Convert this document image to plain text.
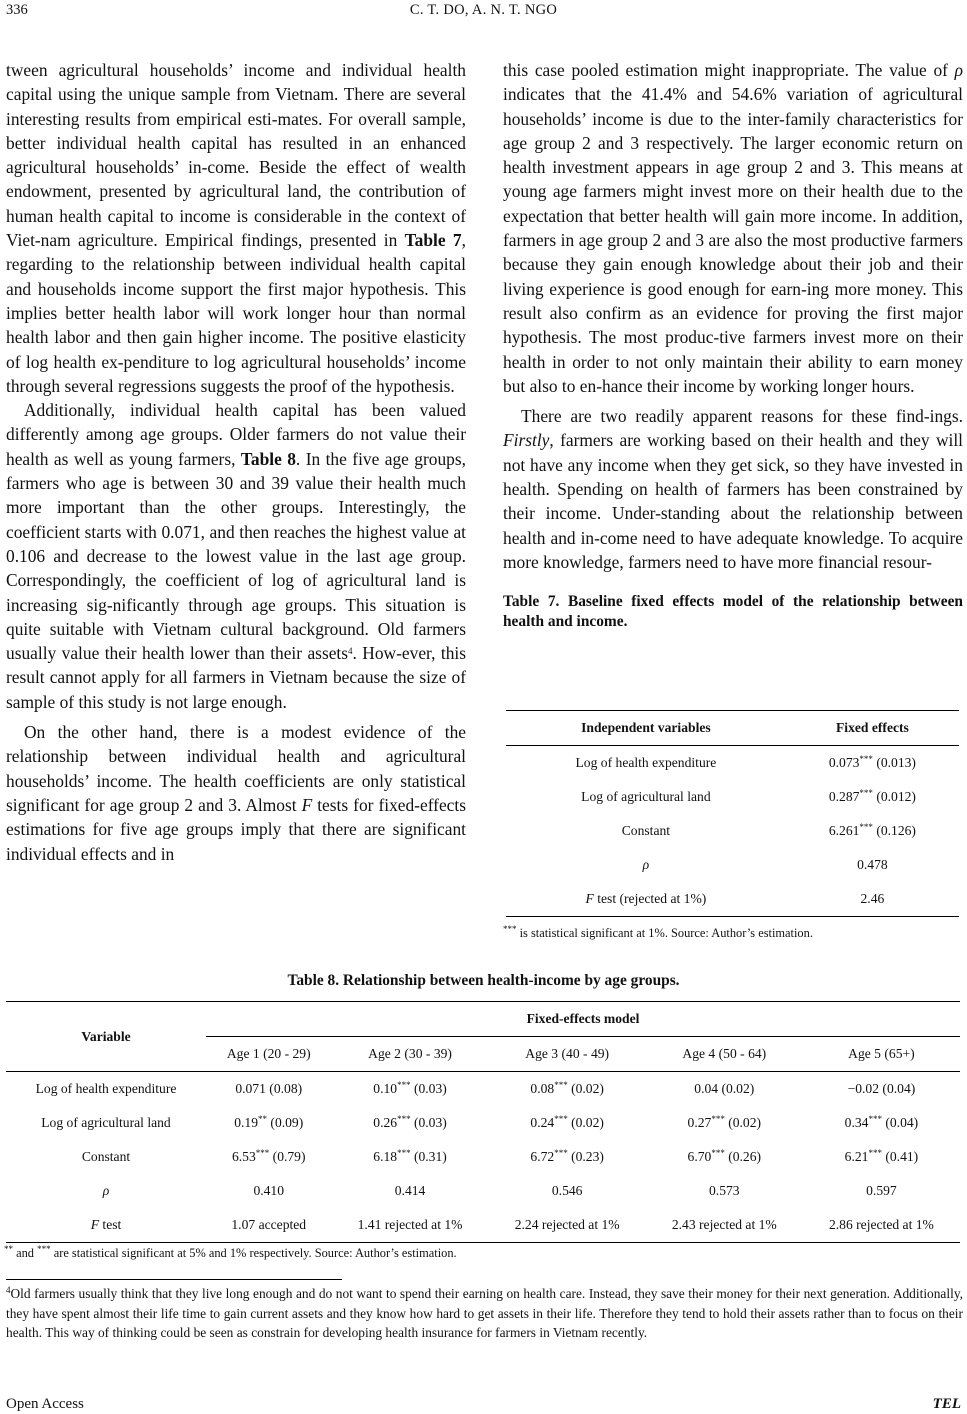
336	C. T. DO, A. N. T. NGO

tween agricultural households’ income and individual health capital using the unique sample from Vietnam. There are several interesting results from empirical esti-mates. For overall sample, better individual health capital has resulted in an enhanced agricultural households’ in-come. Beside the effect of wealth endowment, presented by agricultural land, the contribution of human health capital to income is considerable in the context of Viet-nam agriculture. Empirical findings, presented in Table 7, regarding to the relationship between individual health capital and households income support the first major hypothesis. This implies better health labor will work longer hour than normal health labor and then gain higher income. The positive elasticity of log health ex-penditure to log agricultural households’ income through several regressions suggests the proof of the hypothesis.

Additionally, individual health capital has been valued differently among age groups. Older farmers do not value their health as well as young farmers, Table 8. In the five age groups, farmers who age is between 30 and 39 value their health much more important than the other groups. Interestingly, the coefficient starts with 0.071, and then reaches the highest value at 0.106 and decrease to the lowest value in the last age group. Correspondingly, the coefficient of log of agricultural land is increasing sig-nificantly through age groups. This situation is quite suitable with Vietnam cultural background. Old farmers usually value their health lower than their assets$^4$. How-ever, this result cannot apply for all farmers in Vietnam because the size of sample of this study is not large enough.

On the other hand, there is a modest evidence of the relationship between individual health and agricultural households’ income. The health coefficients are only statistical significant for age group 2 and 3. Almost F tests for fixed-effects estimations for five age groups imply that there are significant individual effects and in

this case pooled estimation might inappropriate. The value of ρ indicates that the 41.4% and 54.6% variation of agricultural households’ income is due to the inter-family characteristics for age group 2 and 3 respectively. The larger economic return on health investment appears in age group 2 and 3. This means at young age farmers might invest more on their health due to the expectation that better health will gain more income. In addition, farmers in age group 2 and 3 are also the most productive farmers because they gain enough knowledge about their job and their living experience is good enough for earn-ing more money. This result also confirm as an evidence for proving the first major hypothesis. The most produc-tive farmers invest more on their health in order to not only maintain their ability to earn money but also to en-hance their income by working longer hours.

There are two readily apparent reasons for these find-ings. Firstly, farmers are working based on their health and they will not have any income when they get sick, so they have invested in health. Spending on health of farmers has been constrained by their income. Under-standing about the relationship between health and in-come need to have adequate knowledge. To acquire more knowledge, farmers need to have more financial resour-

Table 7. Baseline fixed effects model of the relationship between health and income.
Independent variables	Fixed effects
Log of health expenditure	0.073*** (0.013)
Log of agricultural land	0.287*** (0.012)
Constant	6.261*** (0.126)
ρ	0.478
F test (rejected at 1%)	2.46
*** is statistical significant at 1%. Source: Author’s estimation.
Table 8. Relationship between health-income by age groups.
Variable	Fixed-effects model				
	Age 1 (20 - 29)	Age 2 (30 - 39)	Age 3 (40 - 49)	Age 4 (50 - 64)	Age 5 (65+)
Log of health expenditure	0.071 (0.08)	0.10*** (0.03)	0.08*** (0.02)	0.04 (0.02)	−0.02 (0.04)
Log of agricultural land	0.19** (0.09)	0.26*** (0.03)	0.24*** (0.02)	0.27*** (0.02)	0.34*** (0.04)
Constant	6.53*** (0.79)	6.18*** (0.31)	6.72*** (0.23)	6.70*** (0.26)	6.21*** (0.41)
ρ	0.410	0.414	0.546	0.573	0.597
F test	1.07 accepted	1.41 rejected at 1%	2.24 rejected at 1%	2.43 rejected at 1%	2.86 rejected at 1%
** and *** are statistical significant at 5% and 1% respectively. Source: Author’s estimation.
$^4$Old farmers usually think that they live long enough and do not want to spend their earning on health care. Instead, they save their money for their next generation. Additionally, they have spent almost their life time to gain current assets and they know how hard to get assets in their life. Therefore they tend to hold their assets rather than to focus on their health. This way of thinking could be seen as constrain for developing health insurance for farmers in Vietnam recently.
Open Access	TEL
